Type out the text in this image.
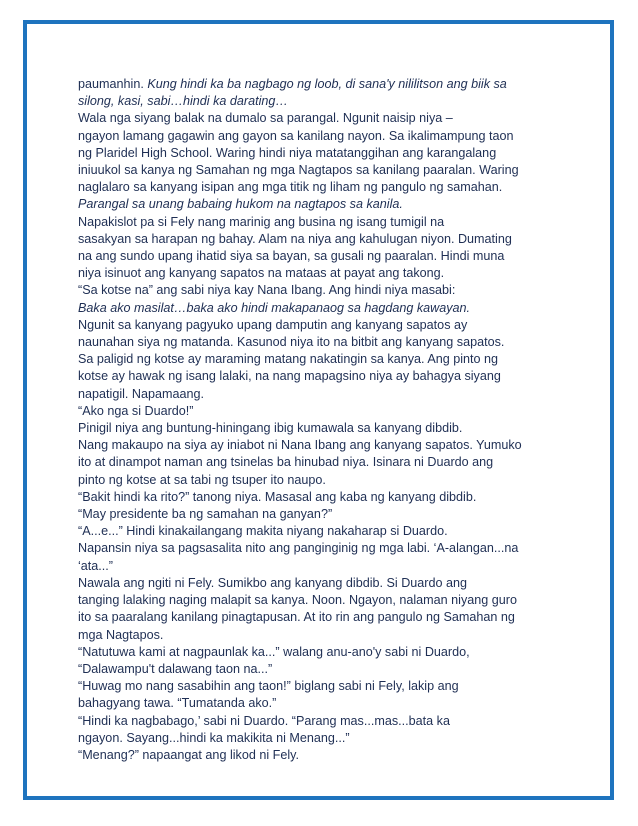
paumanhin. Kung hindi ka ba nagbago ng loob, di sana'y nililitson ang biik sa
silong, kasi, sabi…hindi ka darating…
Wala nga siyang balak na dumalo sa parangal. Ngunit naisip niya –
ngayon lamang gagawin ang gayon sa kanilang nayon. Sa ikalimampung taon
ng Plaridel High School. Waring hindi niya matatanggihan ang karangalang
iniuukol sa kanya ng Samahan ng mga Nagtapos sa kanilang paaralan. Waring
naglalaro sa kanyang isipan ang mga titik ng liham ng pangulo ng samahan.
Parangal sa unang babaing hukom na nagtapos sa kanila.
Napakislot pa si Fely nang marinig ang busina ng isang tumigil na
sasakyan sa harapan ng bahay. Alam na niya ang kahulugan niyon. Dumating
na ang sundo upang ihatid siya sa bayan, sa gusali ng paaralan. Hindi muna
niya isinuot ang kanyang sapatos na mataas at payat ang takong.
“Sa kotse na” ang sabi niya kay Nana Ibang. Ang hindi niya masabi:
Baka ako masilat…baka ako hindi makapanaog sa hagdang kawayan.
Ngunit sa kanyang pagyuko upang damputin ang kanyang sapatos ay
naunahan siya ng matanda. Kasunod niya ito na bitbit ang kanyang sapatos.
Sa paligid ng kotse ay maraming matang nakatingin sa kanya. Ang pinto ng
kotse ay hawak ng isang lalaki, na nang mapagsino niya ay bahagya siyang
napatigil. Napamaang.
“Ako nga si Duardo!”
Pinigil niya ang buntung-hiningang ibig kumawala sa kanyang dibdib.
Nang makaupo na siya ay iniabot ni Nana Ibang ang kanyang sapatos. Yumuko
ito at dinampot naman ang tsinelas ba hinubad niya. Isinara ni Duardo ang
pinto ng kotse at sa tabi ng tsuper ito naupo.
“Bakit hindi ka rito?” tanong niya. Masasal ang kaba ng kanyang dibdib.
“May presidente ba ng samahan na ganyan?”
“A...e...” Hindi kinakailangang makita niyang nakaharap si Duardo.
Napansin niya sa pagsasalita nito ang panginginig ng mga labi. ‘A-alangan...na
‘ata...”
Nawala ang ngiti ni Fely. Sumikbo ang kanyang dibdib. Si Duardo ang
tanging lalaking naging malapit sa kanya. Noon. Ngayon, nalaman niyang guro
ito sa paaralang kanilang pinagtapusan. At ito rin ang pangulo ng Samahan ng
mga Nagtapos.
“Natutuwa kami at nagpaunlak ka...” walang anu-ano'y sabi ni Duardo,
“Dalawampu't dalawang taon na...”
“Huwag mo nang sasabihin ang taon!” biglang sabi ni Fely, lakip ang
bahagyang tawa. “Tumatanda ako.”
“Hindi ka nagbabago,’ sabi ni Duardo. “Parang mas...mas...bata ka
ngayon. Sayang...hindi ka makikita ni Menang...”
“Menang?” napaangat ang likod ni Fely.
